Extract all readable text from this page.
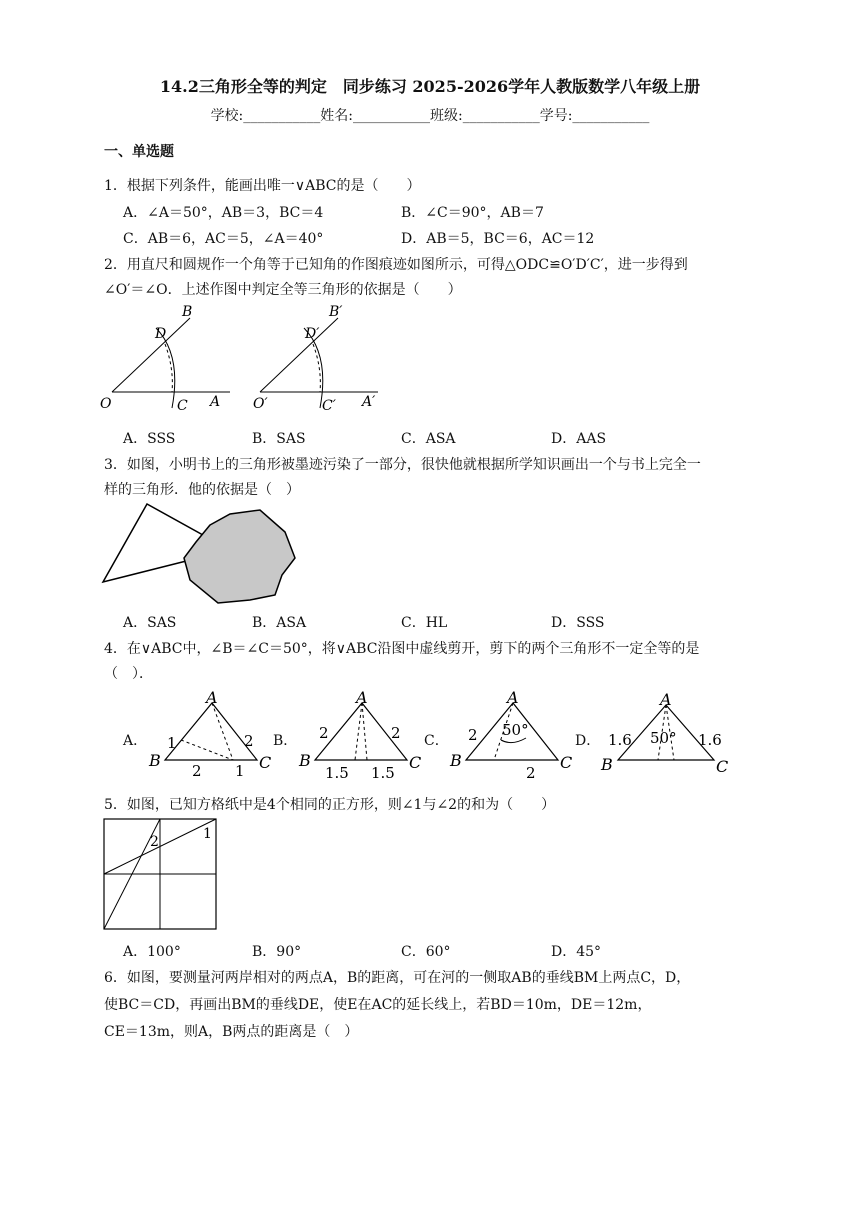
14.2三角形全等的判定　同步练习 2025-2026学年人教版数学八年级上册
学校:___________姓名:___________班级:___________学号:___________
一、单选题
1．根据下列条件，能画出唯一∨ABC的是（　　）
A．∠A＝50°，AB＝3，BC＝4	B．∠C＝90°，AB＝7
C．AB＝6，AC＝5，∠A＝40°	D．AB＝5，BC＝6，AC＝12
2．用直尺和圆规作一个角等于已知角的作图痕迹如图所示，可得△ODC≌O′D′C′，进一步得到
∠O′＝∠O．上述作图中判定全等三角形的依据是（　　）
O	A
B
C
D
O′	A′
B′
C′
D′
A．SSS	B．SAS	C．ASA	D．AAS
3．如图，小明书上的三角形被墨迹污染了一部分，很快他就根据所学知识画出一个与书上完全一
样的三角形．他的依据是（　）
A．SAS	B．ASA	C．HL	D．SSS
4．在∨ABC中，∠B＝∠C＝50°，将∨ABC沿图中虚线剪开，剪下的两个三角形不一定全等的是
（　）．
A．	B．	C．	D．
A
B	C
1	2
2 1
A
B	C
2	2
1.5 1.5
A
B	C
2 50°
2
A
B	C
1.6 50° 1.6
5．如图，已知方格纸中是4个相同的正方形，则∠1与∠2的和为（　　）
1
2
A．100°	B．90°	C．60°	D．45°
6．如图，要测量河两岸相对的两点A，B的距离，可在河的一侧取AB的垂线BM上两点C，D，
使BC＝CD，再画出BM的垂线DE，使E在AC的延长线上，若BD＝10m，DE＝12m，
CE＝13m，则A，B两点的距离是（　）
